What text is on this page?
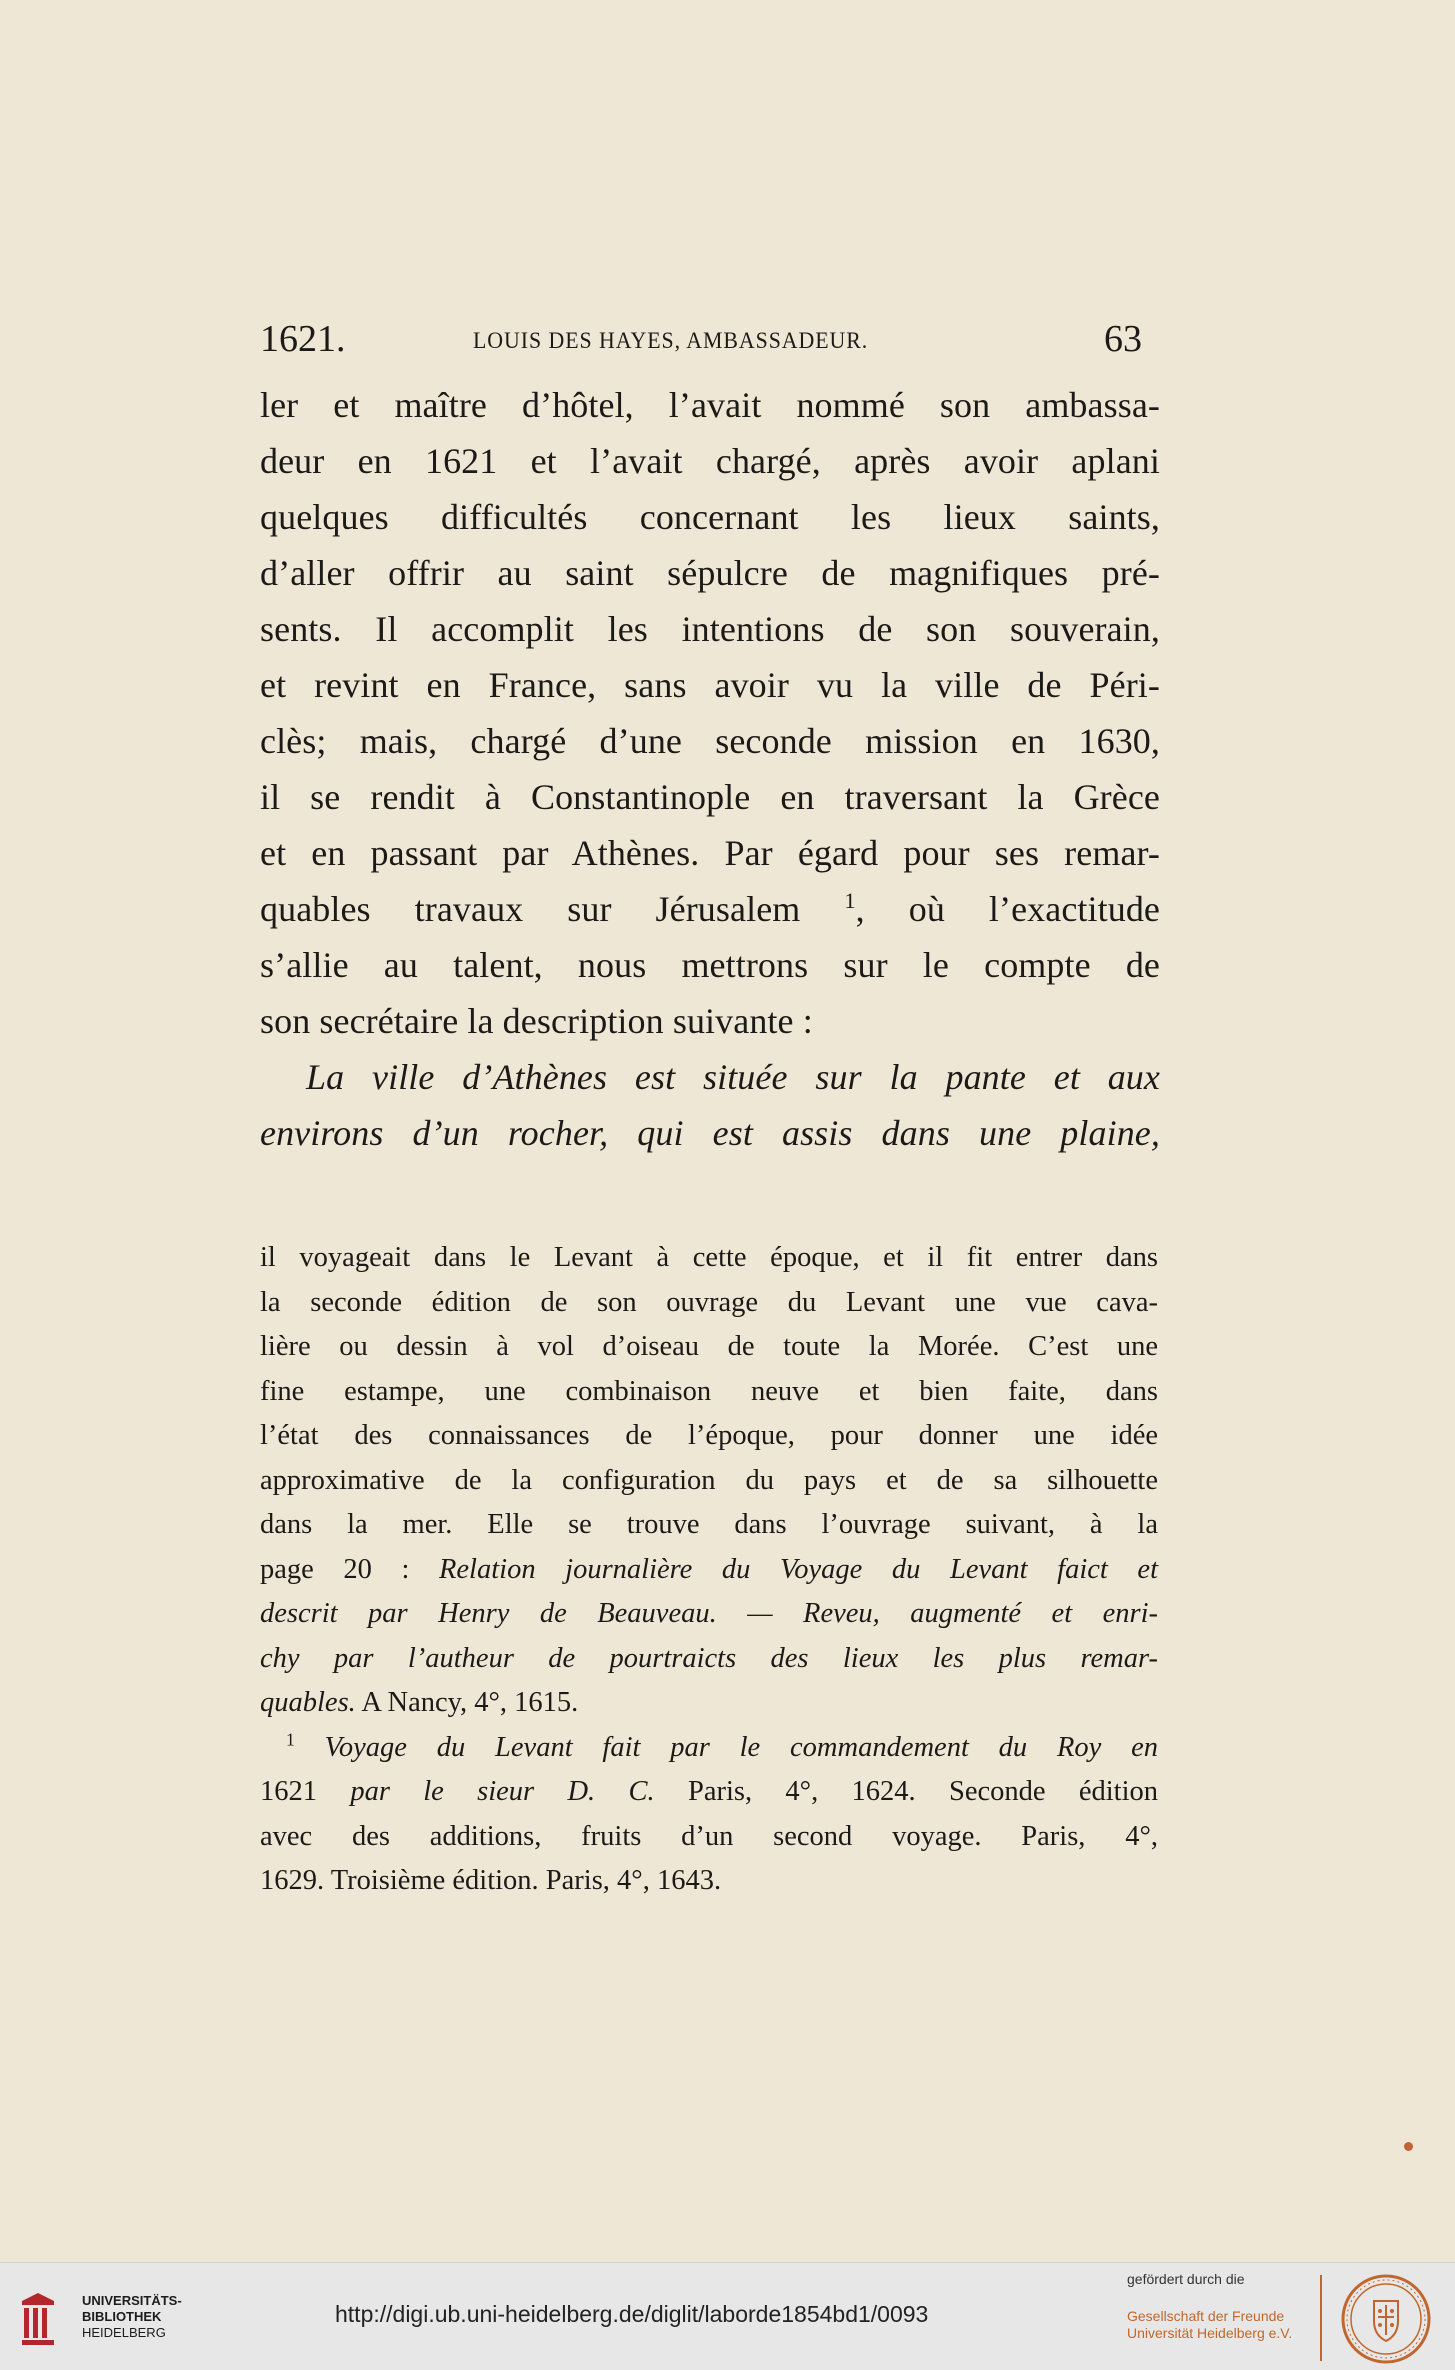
1621.	LOUIS DES HAYES, AMBASSADEUR.	63
ler et maître d’hôtel, l’avait nommé son ambassa-
deur en 1621 et l’avait chargé, après avoir aplani
quelques difficultés concernant les lieux saints,
d’aller offrir au saint sépulcre de magnifiques pré-
sents. Il accomplit les intentions de son souverain,
et revint en France, sans avoir vu la ville de Péri-
clès; mais, chargé d’une seconde mission en 1630,
il se rendit à Constantinople en traversant la Grèce
et en passant par Athènes. Par égard pour ses remar-
quables travaux sur Jérusalem $^1$, où l’exactitude
s’allie au talent, nous mettrons sur le compte de
son secrétaire la description suivante :
La ville d’Athènes est située sur la pante et aux
environs d’un rocher, qui est assis dans une plaine,
il voyageait dans le Levant à cette époque, et il fit entrer dans
la seconde édition de son ouvrage du Levant une vue cava-
lière ou dessin à vol d’oiseau de toute la Morée. C’est une
fine estampe, une combinaison neuve et bien faite, dans
l’état des connaissances de l’époque, pour donner une idée
approximative de la configuration du pays et de sa silhouette
dans la mer. Elle se trouve dans l’ouvrage suivant, à la
page 20 : Relation journalière du Voyage du Levant faict et
descrit par Henry de Beauveau. — Reveu, augmenté et enri-
chy par l’autheur de pourtraicts des lieux les plus remar-
quables. A Nancy, 4°, 1615.
$^1$ Voyage du Levant fait par le commandement du Roy en
1621 par le sieur D. C. Paris, 4°, 1624. Seconde édition
avec des additions, fruits d’un second voyage. Paris, 4°,
1629. Troisième édition. Paris, 4°, 1643.
UNIVERSITÄTS-
BIBLIOTHEK
HEIDELBERG
http://digi.ub.uni-heidelberg.de/diglit/laborde1854bd1/0093
gefördert durch die
Gesellschaft der Freunde
Universität Heidelberg e.V.
